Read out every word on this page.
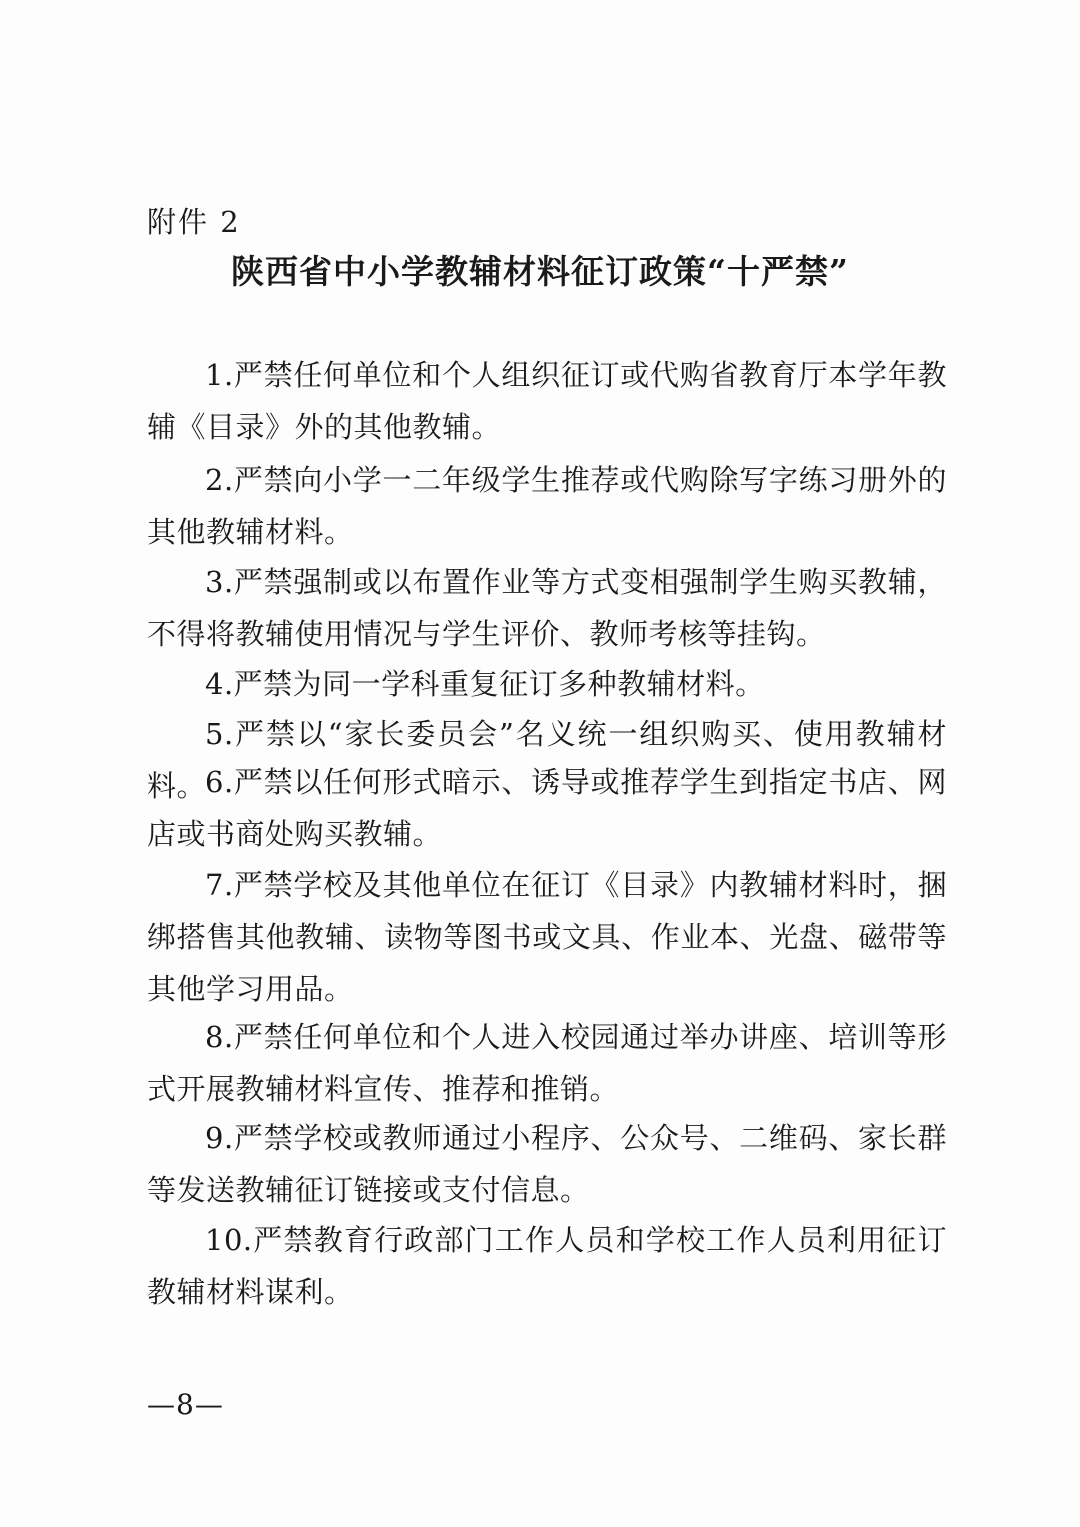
附件 2
陕西省中小学教辅材料征订政策“十严禁”

1.严禁任何单位和个人组织征订或代购省教育厅本学年教辅《目录》外的其他教辅。

2.严禁向小学一二年级学生推荐或代购除写字练习册外的其他教辅材料。

3.严禁强制或以布置作业等方式变相强制学生购买教辅，不得将教辅使用情况与学生评价、教师考核等挂钩。

4.严禁为同一学科重复征订多种教辅材料。

5.严禁以“家长委员会”名义统一组织购买、使用教辅材料。

6.严禁以任何形式暗示、诱导或推荐学生到指定书店、网店或书商处购买教辅。

7.严禁学校及其他单位在征订《目录》内教辅材料时，捆绑搭售其他教辅、读物等图书或文具、作业本、光盘、磁带等其他学习用品。

8.严禁任何单位和个人进入校园通过举办讲座、培训等形式开展教辅材料宣传、推荐和推销。

9.严禁学校或教师通过小程序、公众号、二维码、家长群等发送教辅征订链接或支付信息。

10.严禁教育行政部门工作人员和学校工作人员利用征订教辅材料谋利。

—8—
